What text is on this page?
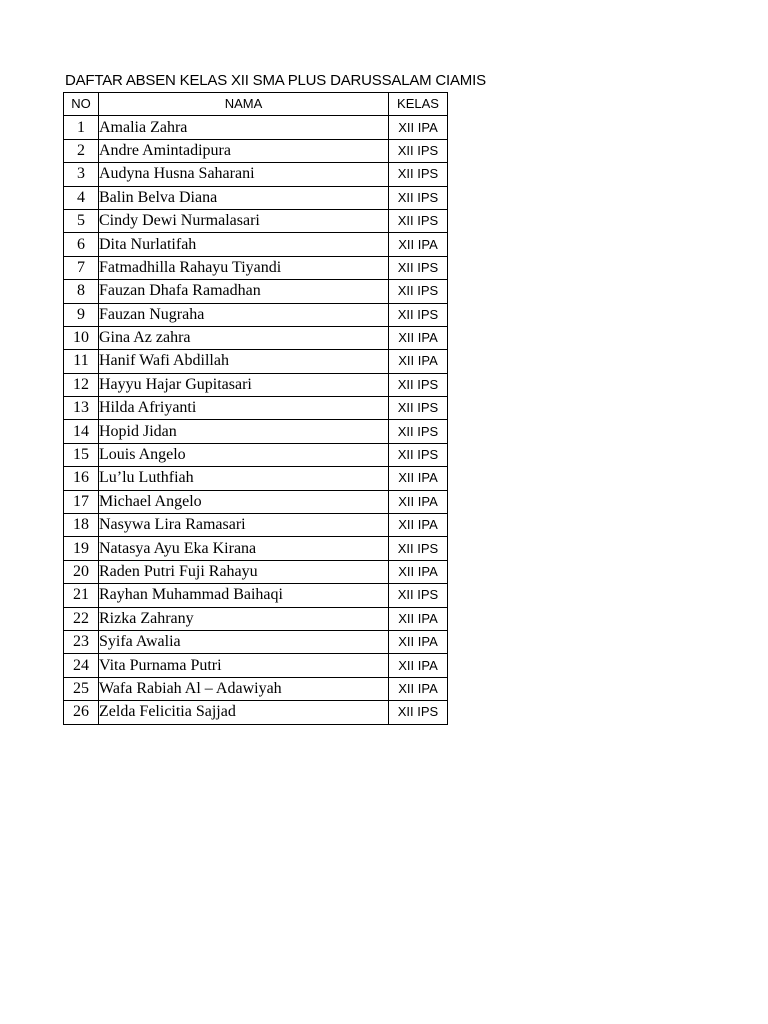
DAFTAR ABSEN KELAS XII SMA PLUS DARUSSALAM CIAMIS
NO	NAMA	KELAS
1	Amalia Zahra	XII IPA
2	Andre Amintadipura	XII IPS
3	Audyna Husna Saharani	XII IPS
4	Balin Belva Diana	XII IPS
5	Cindy Dewi Nurmalasari	XII IPS
6	Dita Nurlatifah	XII IPA
7	Fatmadhilla Rahayu Tiyandi	XII IPS
8	Fauzan Dhafa Ramadhan	XII IPS
9	Fauzan Nugraha	XII IPS
10	Gina Az zahra	XII IPA
11	Hanif Wafi Abdillah	XII IPA
12	Hayyu Hajar Gupitasari	XII IPS
13	Hilda Afriyanti	XII IPS
14	Hopid Jidan	XII IPS
15	Louis Angelo	XII IPS
16	Lu’lu Luthfiah	XII IPA
17	Michael Angelo	XII IPA
18	Nasywa Lira Ramasari	XII IPA
19	Natasya Ayu Eka Kirana	XII IPS
20	Raden Putri Fuji Rahayu	XII IPA
21	Rayhan Muhammad Baihaqi	XII IPS
22	Rizka Zahrany	XII IPA
23	Syifa Awalia	XII IPA
24	Vita Purnama Putri	XII IPA
25	Wafa Rabiah Al – Adawiyah	XII IPA
26	Zelda Felicitia Sajjad	XII IPS
